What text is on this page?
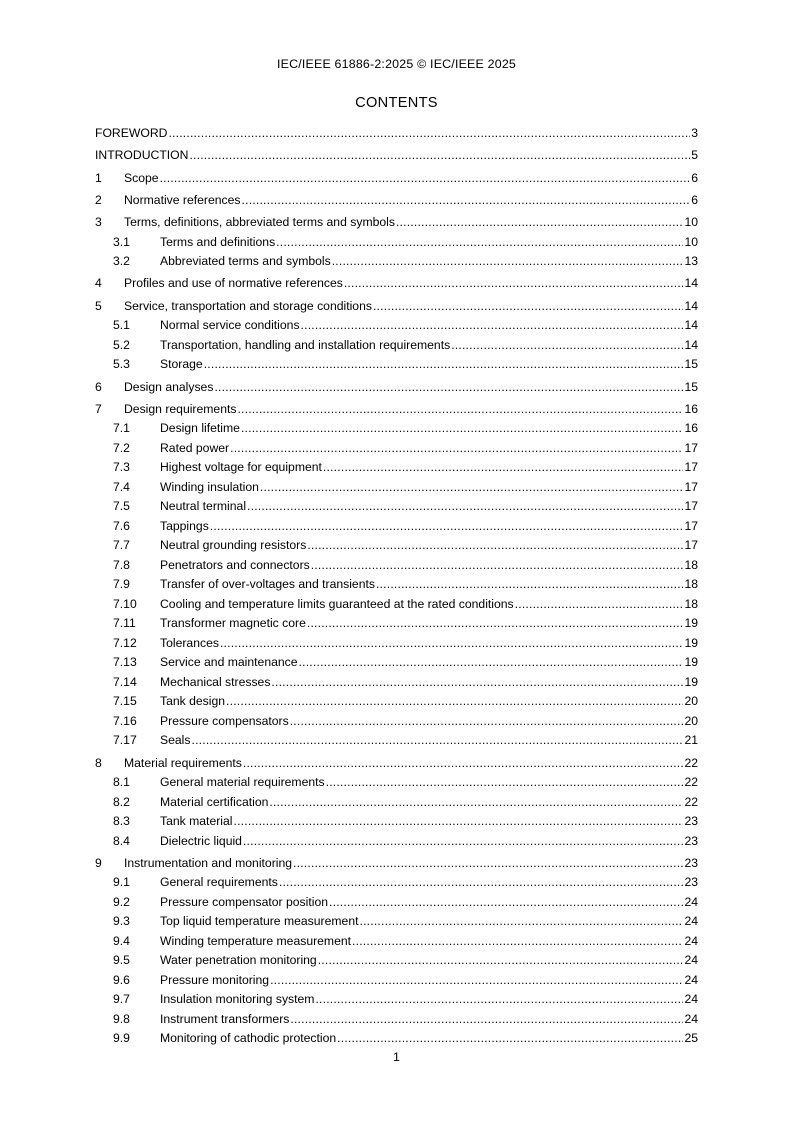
IEC/IEEE 61886-2:2025 © IEC/IEEE 2025
CONTENTS
FOREWORD .....	3
INTRODUCTION .....	5
1	Scope .....	6
2	Normative references .....	6
3	Terms, definitions, abbreviated terms and symbols .....	10
3.1	Terms and definitions .....	10
3.2	Abbreviated terms and symbols .....	13
4	Profiles and use of normative references .....	14
5	Service, transportation and storage conditions .....	14
5.1	Normal service conditions .....	14
5.2	Transportation, handling and installation requirements .....	14
5.3	Storage .....	15
6	Design analyses .....	15
7	Design requirements .....	16
7.1	Design lifetime .....	16
7.2	Rated power .....	17
7.3	Highest voltage for equipment .....	17
7.4	Winding insulation .....	17
7.5	Neutral terminal .....	17
7.6	Tappings .....	17
7.7	Neutral grounding resistors .....	17
7.8	Penetrators and connectors .....	18
7.9	Transfer of over-voltages and transients .....	18
7.10	Cooling and temperature limits guaranteed at the rated conditions .....	18
7.11	Transformer magnetic core .....	19
7.12	Tolerances .....	19
7.13	Service and maintenance .....	19
7.14	Mechanical stresses .....	19
7.15	Tank design .....	20
7.16	Pressure compensators .....	20
7.17	Seals .....	21
8	Material requirements .....	22
8.1	General material requirements .....	22
8.2	Material certification .....	22
8.3	Tank material .....	23
8.4	Dielectric liquid .....	23
9	Instrumentation and monitoring .....	23
9.1	General requirements .....	23
9.2	Pressure compensator position .....	24
9.3	Top liquid temperature measurement .....	24
9.4	Winding temperature measurement .....	24
9.5	Water penetration monitoring .....	24
9.6	Pressure monitoring .....	24
9.7	Insulation monitoring system .....	24
9.8	Instrument transformers .....	24
9.9	Monitoring of cathodic protection .....	25
1
